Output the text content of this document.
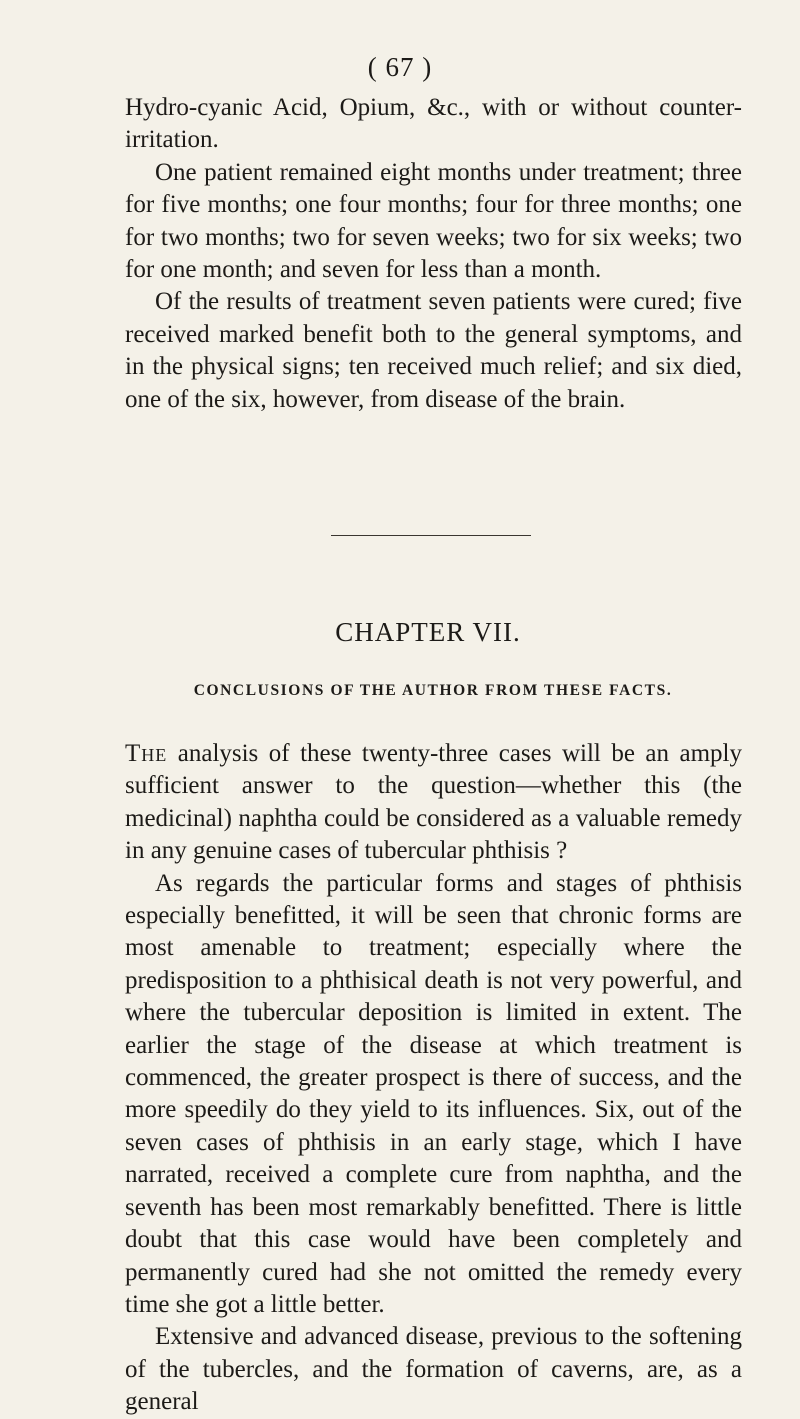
( 67 )

Hydro-cyanic Acid, Opium, &c., with or without counter-irritation.

One patient remained eight months under treatment; three for five months; one four months; four for three months; one for two months; two for seven weeks; two for six weeks; two for one month; and seven for less than a month.

Of the results of treatment seven patients were cured; five received marked benefit both to the general symptoms, and in the physical signs; ten received much relief; and six died, one of the six, however, from disease of the brain.

CHAPTER VII.
CONCLUSIONS OF THE AUTHOR FROM THESE FACTS.

The analysis of these twenty-three cases will be an amply sufficient answer to the question—whether this (the medicinal) naphtha could be considered as a valuable remedy in any genuine cases of tubercular phthisis ?

As regards the particular forms and stages of phthisis especially benefitted, it will be seen that chronic forms are most amenable to treatment; especially where the predisposition to a phthisical death is not very powerful, and where the tubercular deposition is limited in extent. The earlier the stage of the disease at which treatment is commenced, the greater prospect is there of success, and the more speedily do they yield to its influences. Six, out of the seven cases of phthisis in an early stage, which I have narrated, received a complete cure from naphtha, and the seventh has been most remarkably benefitted. There is little doubt that this case would have been completely and permanently cured had she not omitted the remedy every time she got a little better.

Extensive and advanced disease, previous to the softening of the tubercles, and the formation of caverns, are, as a general
